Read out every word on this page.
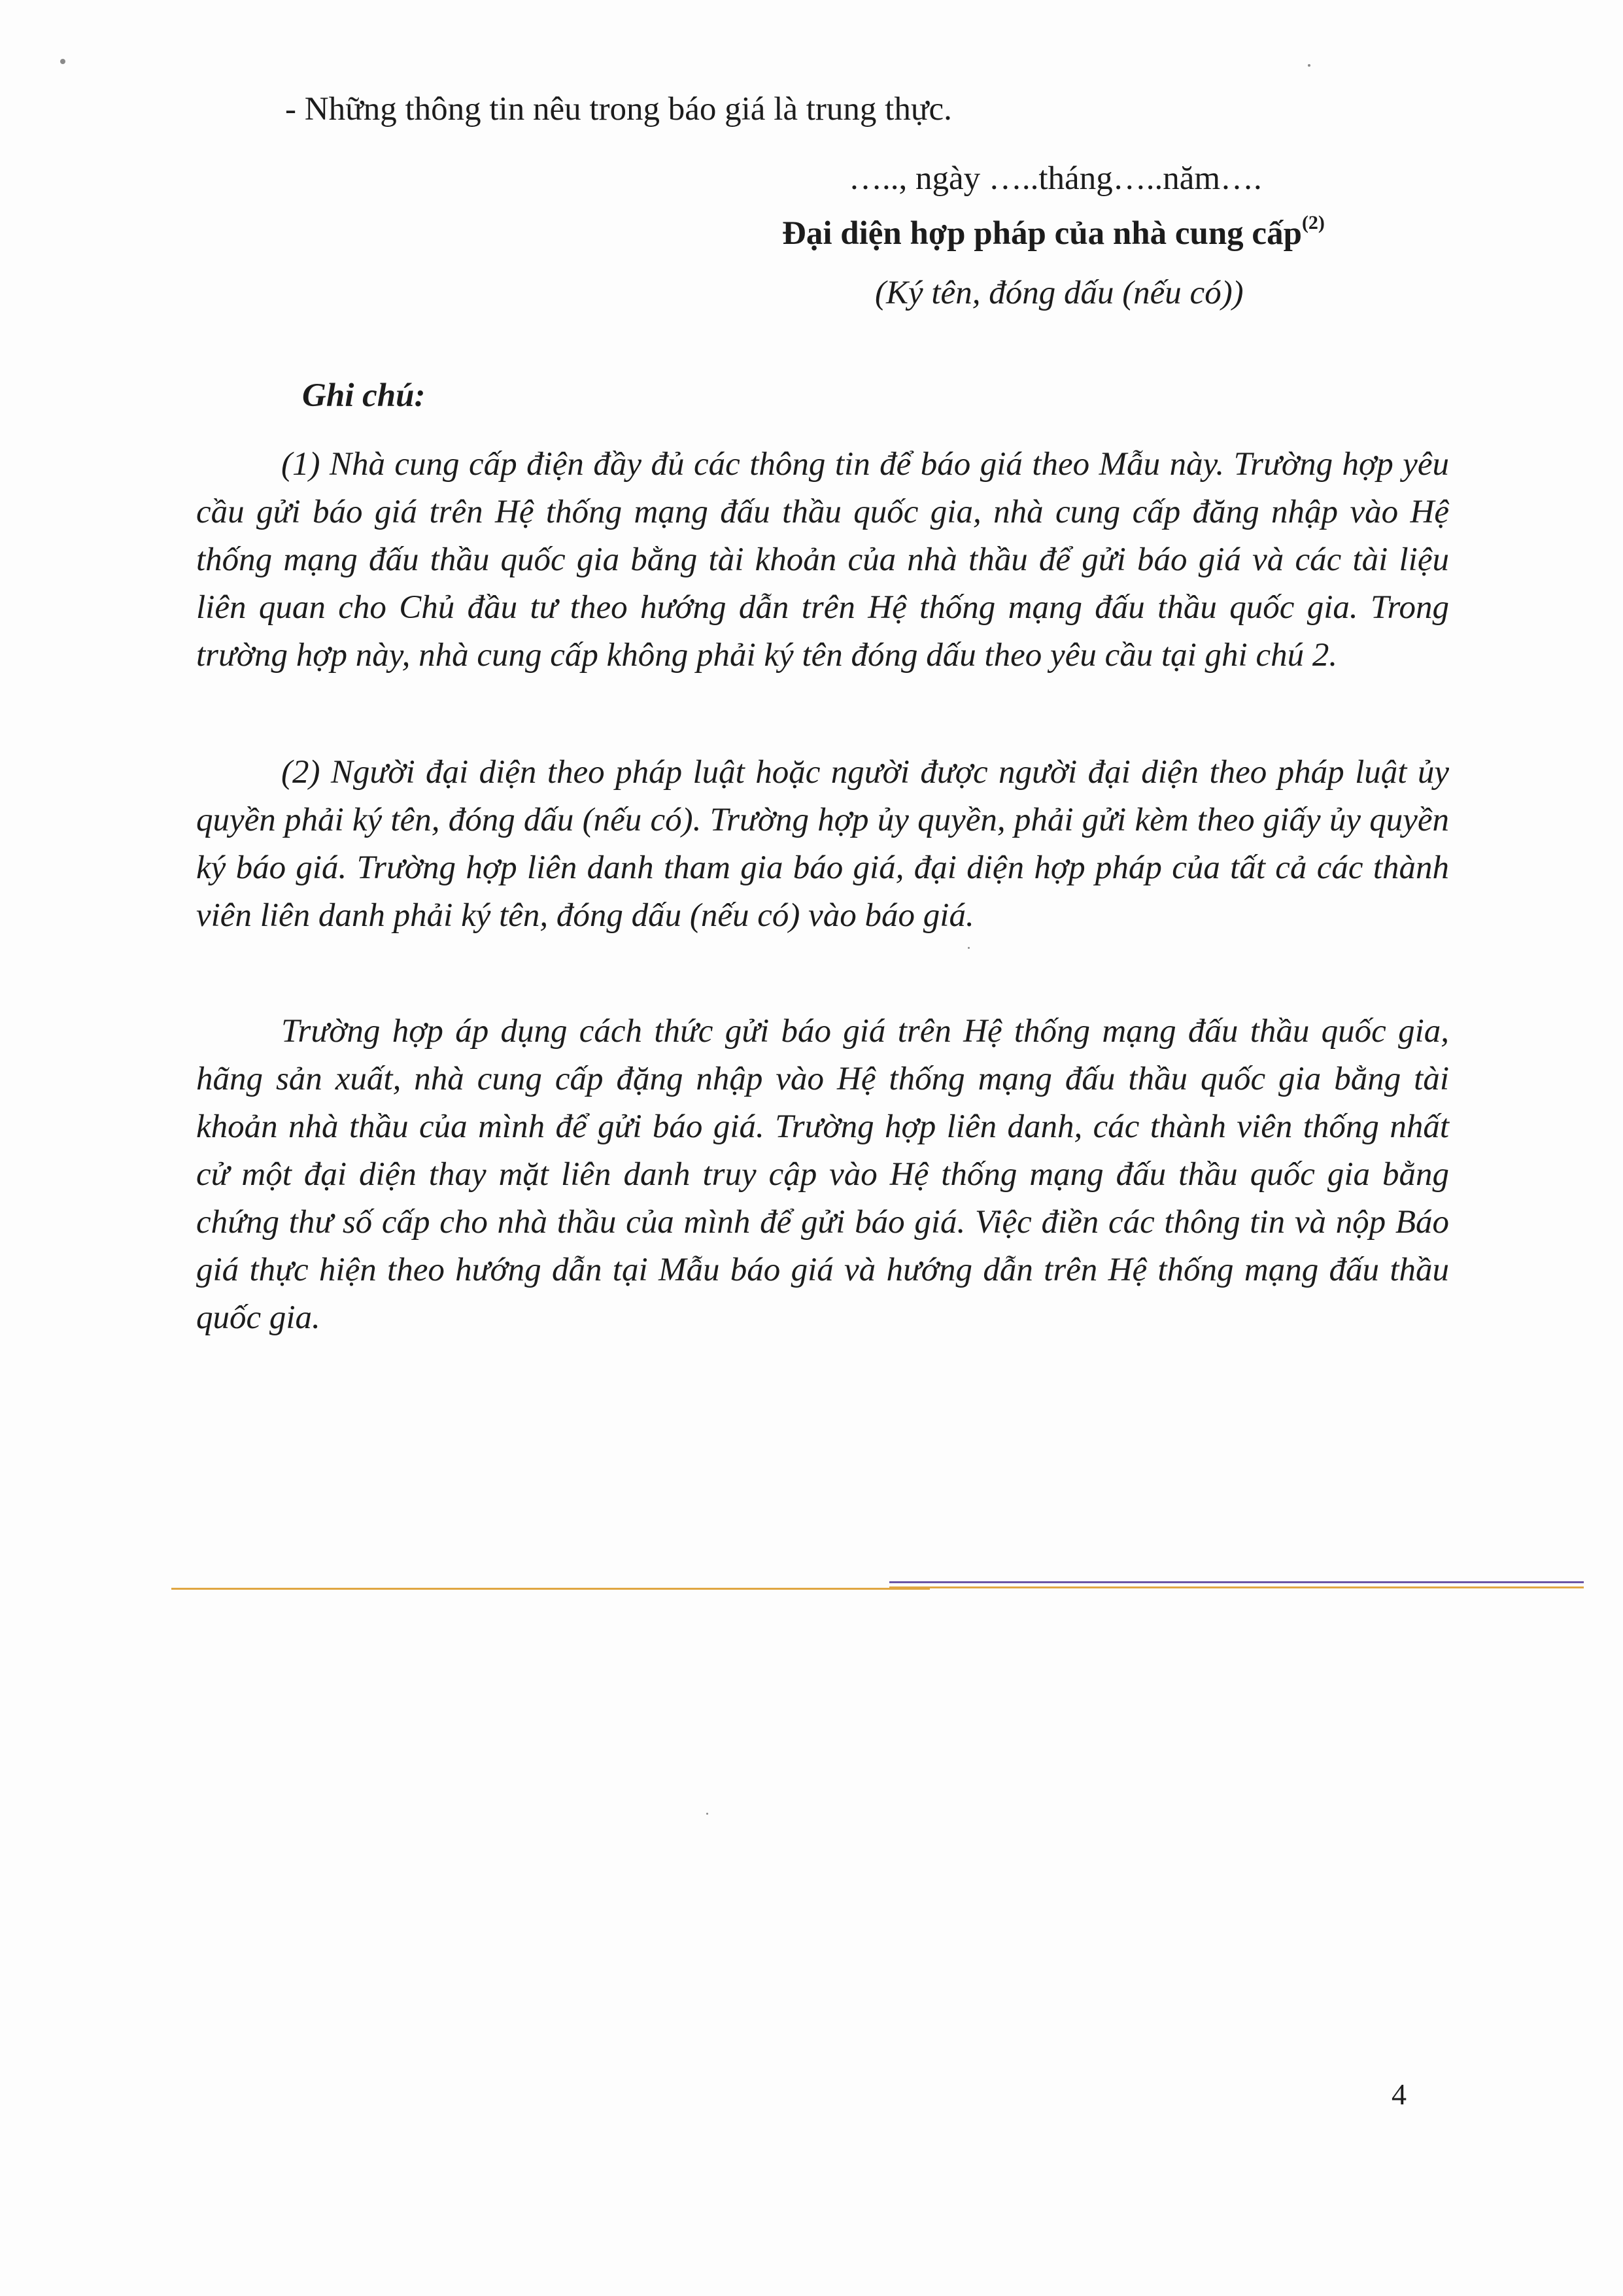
- Những thông tin nêu trong báo giá là trung thực.
….., ngày …..tháng…..năm….
Đại diện hợp pháp của nhà cung cấp$^{(2)}$
(Ký tên, đóng dấu (nếu có))
Ghi chú:

(1) Nhà cung cấp điện đầy đủ các thông tin để báo giá theo Mẫu này. Trường hợp yêu cầu gửi báo giá trên Hệ thống mạng đấu thầu quốc gia, nhà cung cấp đăng nhập vào Hệ thống mạng đấu thầu quốc gia bằng tài khoản của nhà thầu để gửi báo giá và các tài liệu liên quan cho Chủ đầu tư theo hướng dẫn trên Hệ thống mạng đấu thầu quốc gia. Trong trường hợp này, nhà cung cấp không phải ký tên đóng dấu theo yêu cầu tại ghi chú 2.

(2) Người đại diện theo pháp luật hoặc người được người đại diện theo pháp luật ủy quyền phải ký tên, đóng dấu (nếu có). Trường hợp ủy quyền, phải gửi kèm theo giấy ủy quyền ký báo giá. Trường hợp liên danh tham gia báo giá, đại diện hợp pháp của tất cả các thành viên liên danh phải ký tên, đóng dấu (nếu có) vào báo giá.

Trường hợp áp dụng cách thức gửi báo giá trên Hệ thống mạng đấu thầu quốc gia, hãng sản xuất, nhà cung cấp đặng nhập vào Hệ thống mạng đấu thầu quốc gia bằng tài khoản nhà thầu của mình để gửi báo giá. Trường hợp liên danh, các thành viên thống nhất cử một đại diện thay mặt liên danh truy cập vào Hệ thống mạng đấu thầu quốc gia bằng chứng thư số cấp cho nhà thầu của mình để gửi báo giá. Việc điền các thông tin và nộp Báo giá thực hiện theo hướng dẫn tại Mẫu báo giá và hướng dẫn trên Hệ thống mạng đấu thầu quốc gia.

4
